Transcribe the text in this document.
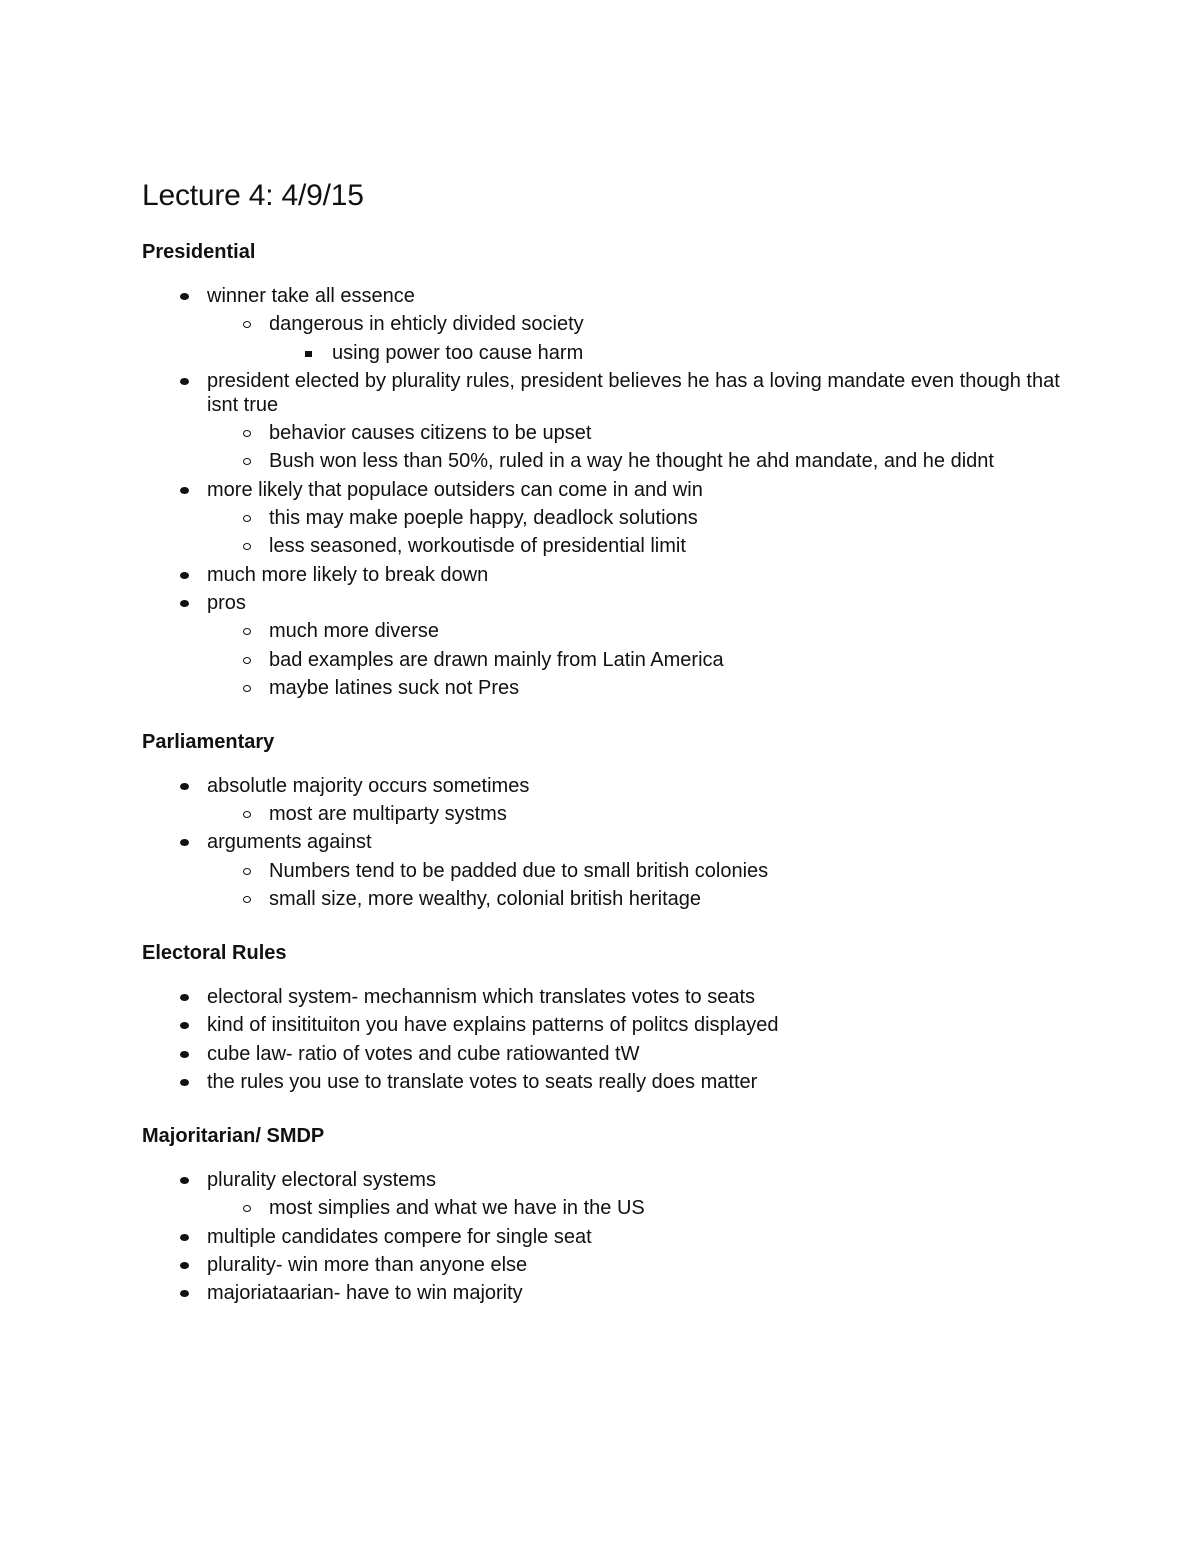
Lecture 4: 4/9/15
Presidential
winner take all essence
dangerous in ehticly divided society
using power too cause harm
president elected by plurality rules, president believes he has a loving mandate even though that isnt true
behavior causes citizens to be upset
Bush won less than 50%, ruled in a way he thought he ahd mandate, and he didnt
more likely that populace outsiders can come in and win
this may make poeple happy, deadlock solutions
less seasoned, workoutisde of presidential limit
much more likely to break down
pros
much more diverse
bad examples are drawn mainly from Latin America
maybe latines suck not Pres
Parliamentary
absolutle majority occurs sometimes
most are multiparty systms
arguments against
Numbers tend to be padded due to small british colonies
small size, more wealthy, colonial british heritage
Electoral Rules
electoral system- mechannism which translates votes to seats
kind of insitituiton you have explains patterns of politcs displayed
cube law- ratio of votes and cube ratiowanted tW
the rules you use to translate votes to seats really does matter
Majoritarian/ SMDP
plurality electoral systems
most simplies and what we have in the US
multiple candidates compere for single seat
plurality- win more than anyone else
majoriataarian- have to win majority
